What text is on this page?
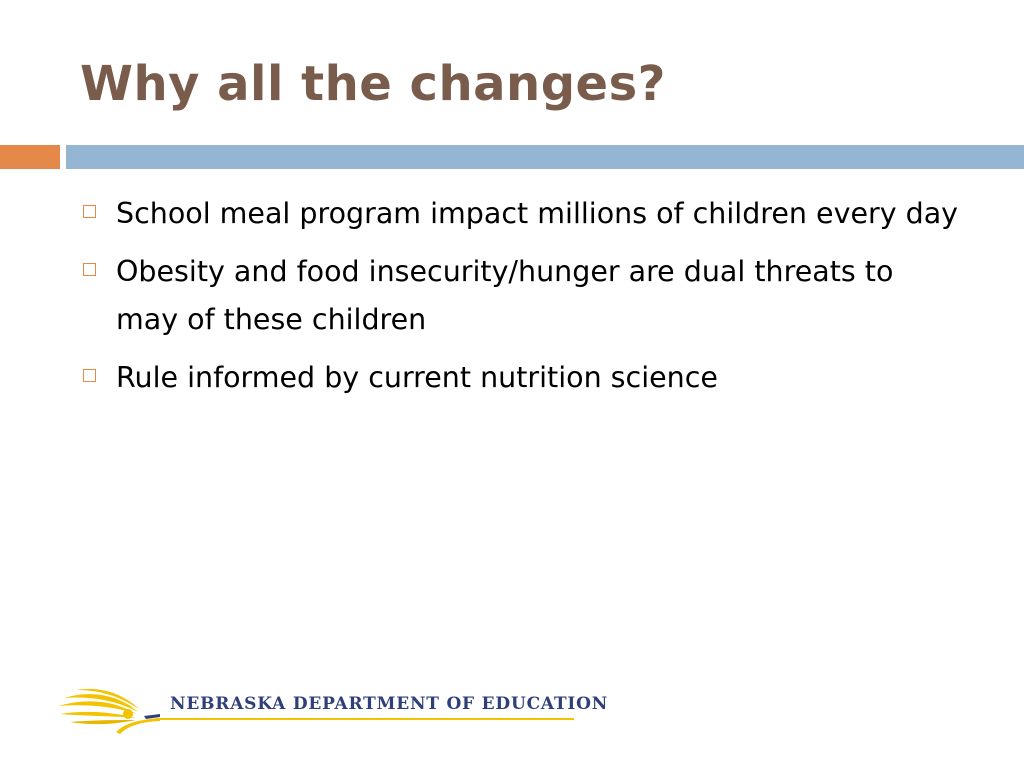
Why all the changes?
School meal program impact millions of children every day
Obesity and food insecurity/hunger are dual threats to may of these children
Rule informed by current nutrition science
NEBRASKA DEPARTMENT OF EDUCATION
